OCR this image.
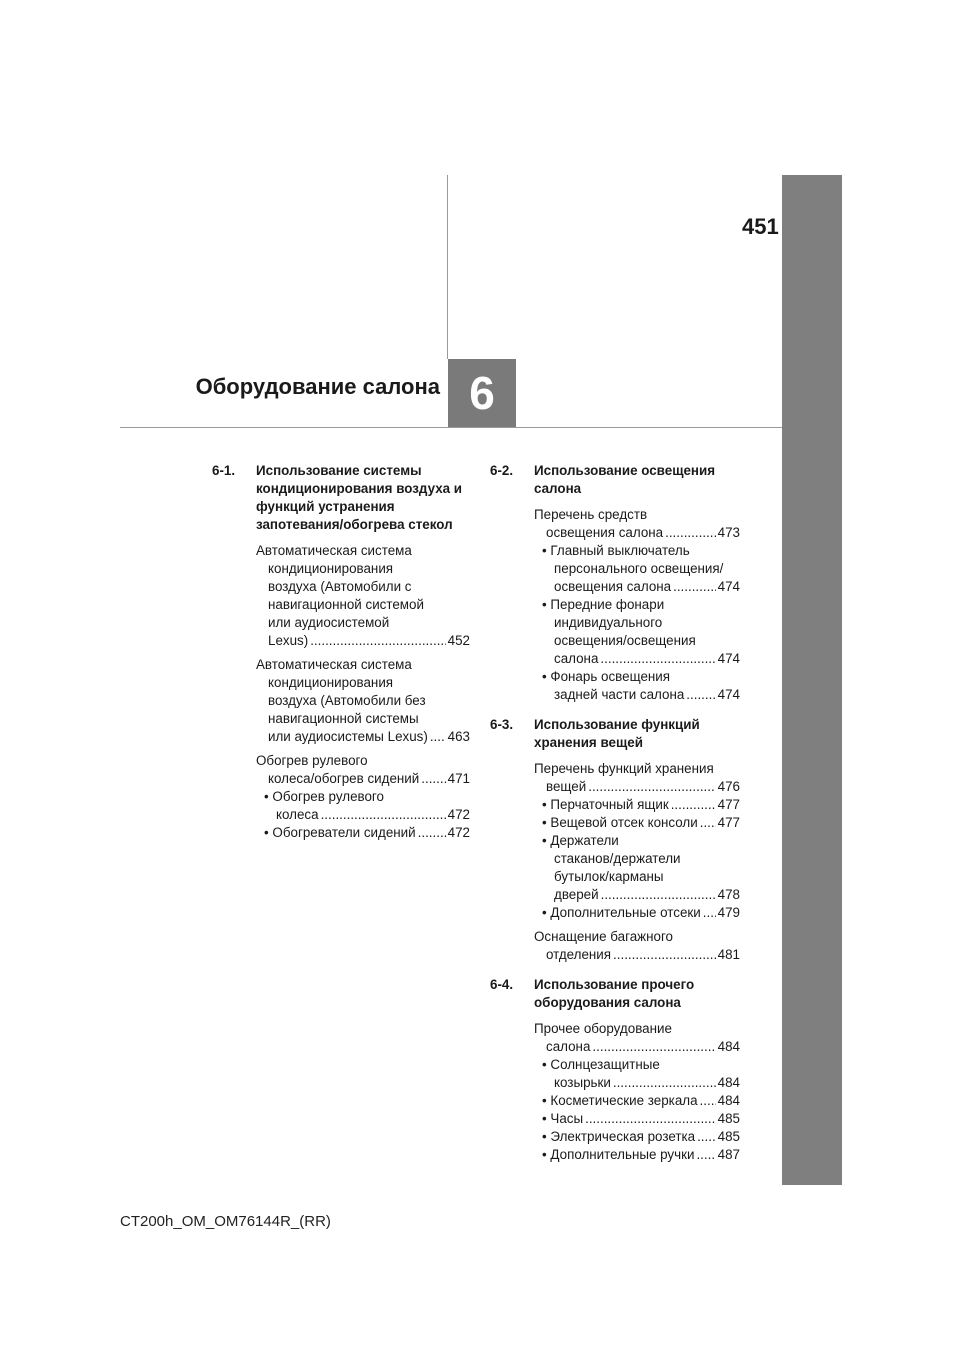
451
Оборудование салона 6
6-1.	Использование системы кондиционирования воздуха и функций устранения запотевания/обогрева стекол
Автоматическая система
кондиционирования
воздуха (Автомобили с
навигационной системой
или аудиосистемой
Lexus) .....	452
Автоматическая система
кондиционирования
воздуха (Автомобили без
навигационной системы
или аудиосистемы Lexus) ..... 463
Обогрев рулевого
колеса/обогрев сидений ..... 471
• Обогрев рулевого
колеса .....	472
• Обогреватели сидений ..... 472
6-2.	Использование освещения салона
Перечень средств
освещения салона .....	473
• Главный выключатель
персонального освещения/
освещения салона .....	474
• Передние фонари
индивидуального
освещения/освещения
салона .....	474
• Фонарь освещения
задней части салона ..... 474
6-3.	Использование функций хранения вещей
Перечень функций хранения
вещей .....	476
• Перчаточный ящик .....	477
• Вещевой отсек консоли ..... 477
• Держатели
стаканов/держатели
бутылок/карманы
дверей .....	478
• Дополнительные отсеки ..... 479
Оснащение багажного
отделения .....	481
6-4.	Использование прочего оборудования салона
Прочее оборудование
салона .....	484
• Солнцезащитные
козырьки .....	484
• Косметические зеркала ..... 484
• Часы .....	485
• Электрическая розетка ..... 485
• Дополнительные ручки ..... 487
CT200h_OM_OM76144R_(RR)
